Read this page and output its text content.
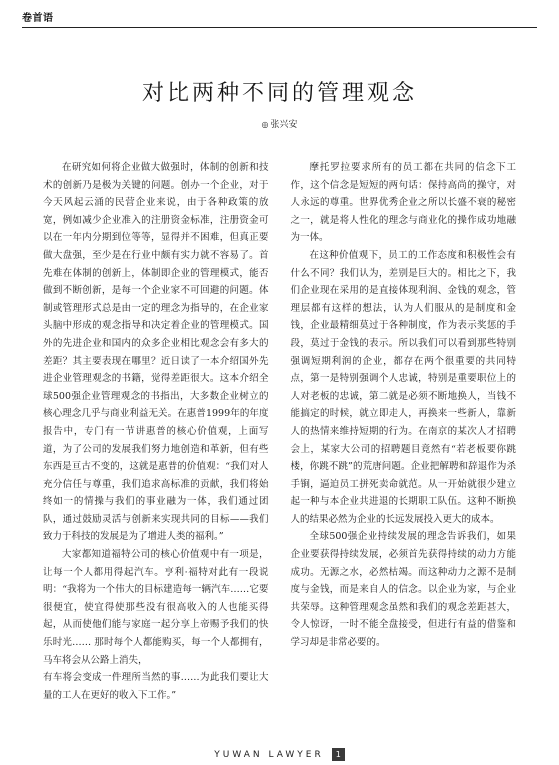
卷首语
对比两种不同的管理观念
◎ 张兴安

在研究如何将企业做大做强时，体制的创新和技术的创新乃是极为关键的问题。创办一个企业，对于今天风起云涌的民营企业来说，由于各种政策的放宽，例如减少企业准入的注册资金标准，注册资金可以在一年内分期到位等等，显得并不困难，但真正要做大盘强，至少是在行业中颇有实力就不容易了。首先难在体制的创新上，体制即企业的管理模式，能否做到不断创新，是每一个企业家不可回避的问题。体制或管理形式总是由一定的理念为指导的，在企业家头脑中形成的观念指导和决定着企业的管理模式。国外的先进企业和国内的众多企业相比观念会有多大的差距？其主要表现在哪里？近日读了一本介绍国外先进企业管理观念的书籍，觉得差距很大。这本介绍全球500强企业管理观念的书指出，大多数企业树立的核心理念几乎与商业利益无关。在惠普1999年的年度报告中，专门有一节讲惠普的核心价值观，上面写道，为了公司的发展我们努力地创造和革新，但有些东西是亘古不变的，这就是惠普的价值观：“我们对人充分信任与尊重，我们追求高标准的贡献，我们将始终如一的情操与我们的事业融为一体，我们通过团队，通过鼓励灵活与创新来实现共同的目标——我们致力于科技的发展是为了增进人类的福利。”

大家都知道福特公司的核心价值观中有一项是，让每一个人都用得起汽车。亨利·福特对此有一段说明：“我将为一个伟大的目标建造每一辆汽车……它要很便宜，使宜得使那些没有很高收入的人也能买得起，从而使他们能与家庭一起分享上帝赐予我们的快乐时光…… 那时每个人都能购买，每一个人都拥有，马车将会从公路上消失，

有车将会变成一件理所当然的事……为此我们要让大量的工人在更好的收入下工作。”

摩托罗拉要求所有的员工都在共同的信念下工作，这个信念是短短的两句话：保持高尚的操守，对人永远的尊重。世界优秀企业之所以长盛不衰的秘密之一，就是将人性化的理念与商业化的操作成功地融为一体。

在这种价值观下，员工的工作态度和积极性会有什么不同？我们认为，差别是巨大的。相比之下，我们企业现在采用的是直接体现利润、金钱的观念，管理层都有这样的想法，认为人们服从的是制度和金钱，企业最精细莫过于各种制度，作为表示奖惩的手段，莫过于金钱的表示。所以我们可以看到那些特别强调短期利润的企业，都存在两个很重要的共同特点，第一是特别强调个人忠诚，特别是重要职位上的人对老板的忠诚，第二就是必须不断地换人，当钱不能搞定的时候，就立即走人，再换来一些新人，靠新人的热情来维持短期的行为。在南京的某次人才招聘会上，某家大公司的招聘题目竟然有“若老板要你跳楼，你跳不跳”的荒唐问题。企业把解聘和辞退作为杀手锏，逼迫员工拼死卖命就范。从一开始就很少建立起一种与本企业共进退的长期职工队伍。这种不断换人的结果必然为企业的长远发展投入更大的成本。

全球500强企业持续发展的理念告诉我们，如果企业要获得持续发展，必须首先获得持续的动力方能成功。无源之水，必然枯竭。而这种动力之源不是制度与金钱，而是来自人的信念。以企业为家，与企业共荣辱。这种管理观念虽然和我们的观念差距甚大，令人惊讶，一时不能全盘接受，但进行有益的借鉴和学习却是非常必要的。

YUWAN LAWYER	1
